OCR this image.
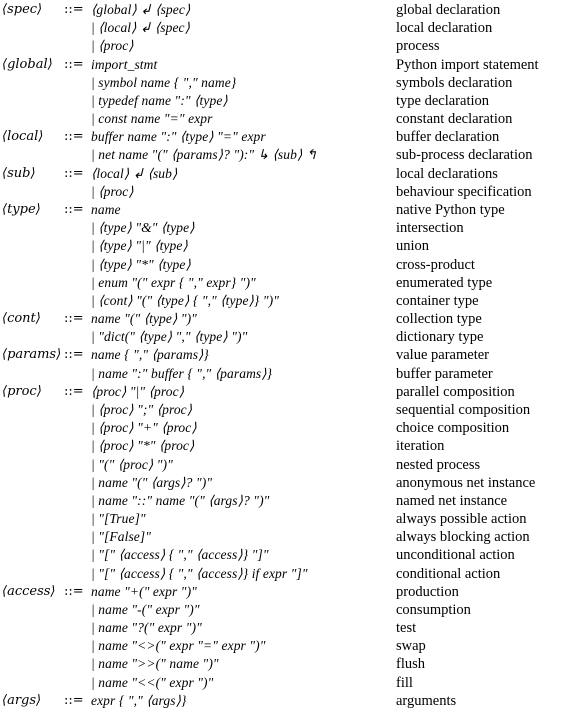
⟨spec⟩ ::= ⟨global⟩ ↲ ⟨spec⟩	global declaration
| ⟨local⟩ ↲ ⟨spec⟩	local declaration
| ⟨proc⟩	process
⟨global⟩ ::= import_stmt	Python import statement
| symbol name { "," name}	symbols declaration
| typedef name ":" ⟨type⟩	type declaration
| const name "=" expr	constant declaration
⟨local⟩ ::= buffer name ":" ⟨type⟩ "=" expr	buffer declaration
| net name "(" ⟨params⟩? "):" ↳ ⟨sub⟩ ↰	sub-process declaration
⟨sub⟩ ::= ⟨local⟩ ↲ ⟨sub⟩	local declarations
| ⟨proc⟩	behaviour specification
⟨type⟩ ::= name	native Python type
| ⟨type⟩ "&" ⟨type⟩	intersection
| ⟨type⟩ "|" ⟨type⟩	union
| ⟨type⟩ "*" ⟨type⟩	cross-product
| enum "(" expr { "," expr} ")"	enumerated type
| ⟨cont⟩ "(" ⟨type⟩ { "," ⟨type⟩} ")"	container type
⟨cont⟩ ::= name "(" ⟨type⟩ ")"	collection type
| "dict(" ⟨type⟩ "," ⟨type⟩ ")"	dictionary type
⟨params⟩ ::= name { "," ⟨params⟩}	value parameter
| name ":" buffer { "," ⟨params⟩}	buffer parameter
⟨proc⟩ ::= ⟨proc⟩ "|" ⟨proc⟩	parallel composition
| ⟨proc⟩ ";" ⟨proc⟩	sequential composition
| ⟨proc⟩ "+" ⟨proc⟩	choice composition
| ⟨proc⟩ "*" ⟨proc⟩	iteration
| "(" ⟨proc⟩ ")"	nested process
| name "(" ⟨args⟩? ")"	anonymous net instance
| name "::" name "(" ⟨args⟩? ")"	named net instance
| "[True]"	always possible action
| "[False]"	always blocking action
| "[" ⟨access⟩ { "," ⟨access⟩} "]"	unconditional action
| "[" ⟨access⟩ { "," ⟨access⟩} if expr "]"	conditional action
⟨access⟩ ::= name "+(" expr ")"	production
| name "-(" expr ")"	consumption
| name "?(" expr ")"	test
| name "<>(" expr "=" expr ")"	swap
| name ">>(" name ")"	flush
| name "<<(" expr ")"	fill
⟨args⟩ ::= expr { "," ⟨args⟩}	arguments
